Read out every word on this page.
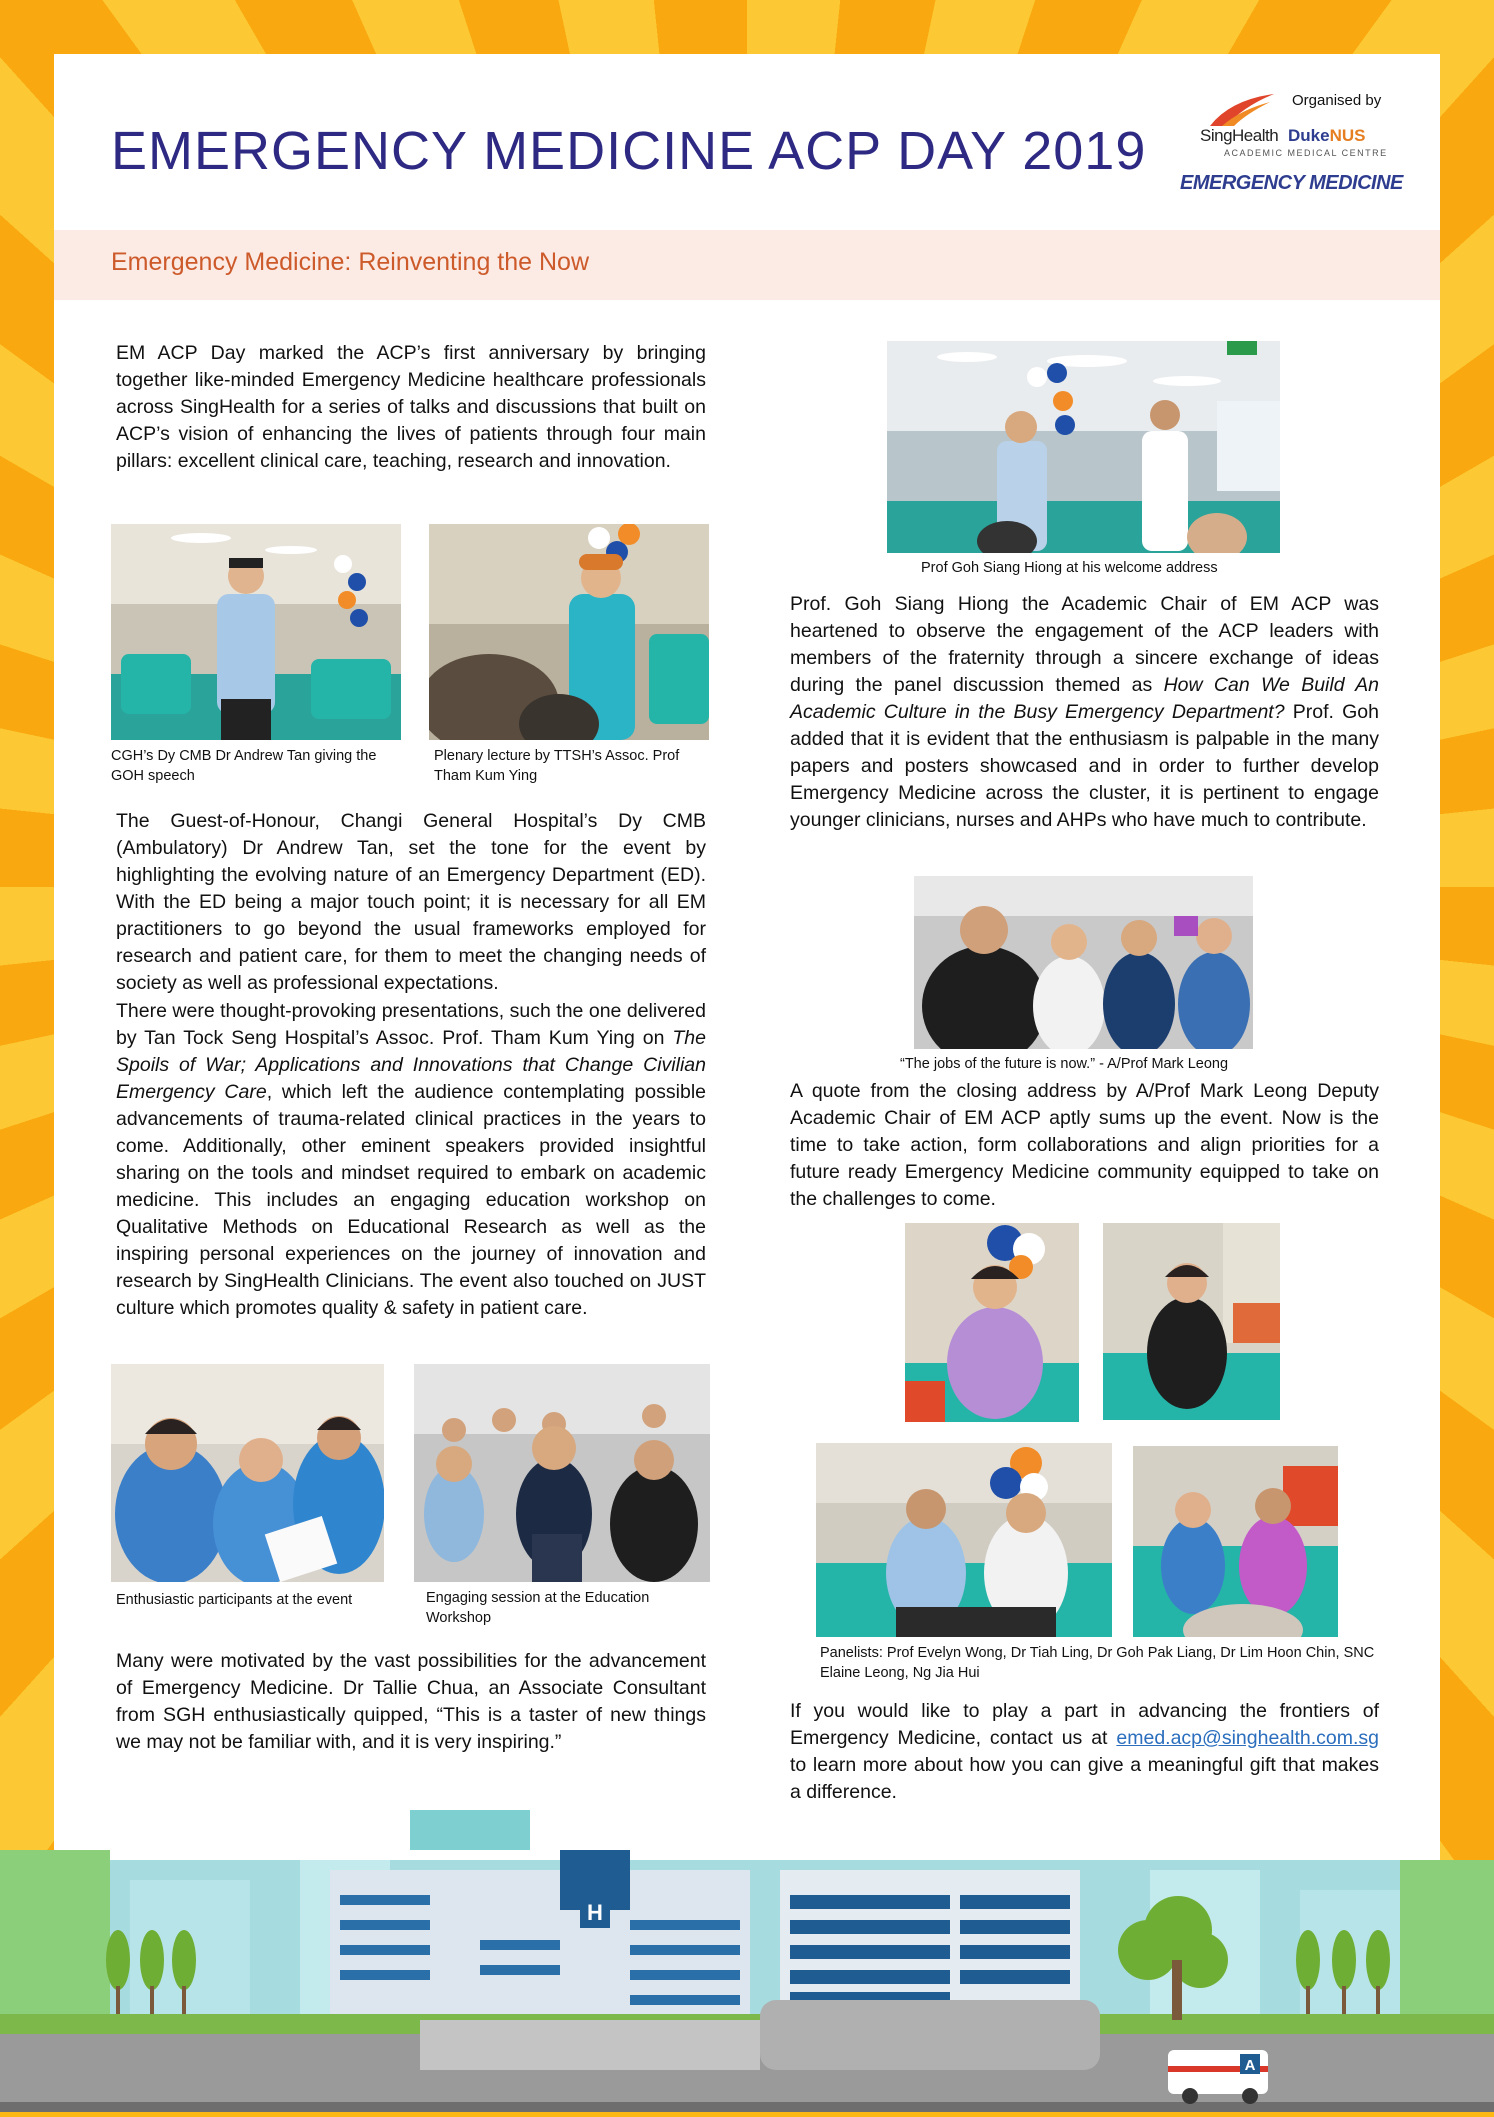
EMERGENCY MEDICINE ACP DAY 2019
Organised by
SingHealth DukeNUS
ACADEMIC MEDICAL CENTRE
EMERGENCY MEDICINE
Emergency Medicine: Reinventing the Now

EM ACP Day marked the ACP’s first anniversary by bringing together like-minded Emergency Medicine healthcare professionals across SingHealth for a series of talks and discussions that built on ACP’s vision of enhancing the lives of patients through four main pillars: excellent clinical care, teaching, research and innovation.

CGH’s Dy CMB Dr Andrew Tan giving the GOH speech

Plenary lecture by TTSH’s Assoc. Prof Tham Kum Ying

The Guest-of-Honour, Changi General Hospital’s Dy CMB (Ambulatory) Dr Andrew Tan, set the tone for the event by highlighting the evolving nature of an Emergency Department (ED). With the ED being a major touch point; it is necessary for all EM practitioners to go beyond the usual frameworks employed for research and patient care, for them to meet the changing needs of society as well as professional expectations.

There were thought-provoking presentations, such the one delivered by Tan Tock Seng Hospital’s Assoc. Prof. Tham Kum Ying on The Spoils of War; Applications and Innovations that Change Civilian Emergency Care, which left the audience contemplating possible advancements of trauma-related clinical practices in the years to come. Additionally, other eminent speakers provided insightful sharing on the tools and mindset required to embark on academic medicine. This includes an engaging education workshop on Qualitative Methods on Educational Research as well as the inspiring personal experiences on the journey of innovation and research by SingHealth Clinicians. The event also touched on JUST culture which promotes quality & safety in patient care.

Enthusiastic participants at the event	Engaging session at the Education Workshop

Many were motivated by the vast possibilities for the advancement of Emergency Medicine. Dr Tallie Chua, an Associate Consultant from SGH enthusiastically quipped, “This is a taster of new things we may not be familiar with, and it is very inspiring.”

Prof Goh Siang Hiong at his welcome address

Prof. Goh Siang Hiong the Academic Chair of EM ACP was heartened to observe the engagement of the ACP leaders with members of the fraternity through a sincere exchange of ideas during the panel discussion themed as How Can We Build An Academic Culture in the Busy Emergency Department? Prof. Goh added that it is evident that the enthusiasm is palpable in the many papers and posters showcased and in order to further develop Emergency Medicine across the cluster, it is pertinent to engage younger clinicians, nurses and AHPs who have much to contribute.

“The jobs of the future is now.” - A/Prof Mark Leong

A quote from the closing address by A/Prof Mark Leong Deputy Academic Chair of EM ACP aptly sums up the event. Now is the time to take action, form collaborations and align priorities for a future ready Emergency Medicine community equipped to take on the challenges to come.

Panelists: Prof Evelyn Wong, Dr Tiah Ling, Dr Goh Pak Liang, Dr Lim Hoon Chin, SNC Elaine Leong, Ng Jia Hui

If you would like to play a part in advancing the frontiers of Emergency Medicine, contact us at emed.acp@singhealth.com.sg to learn more about how you can give a meaningful gift that makes a difference.

H
A
